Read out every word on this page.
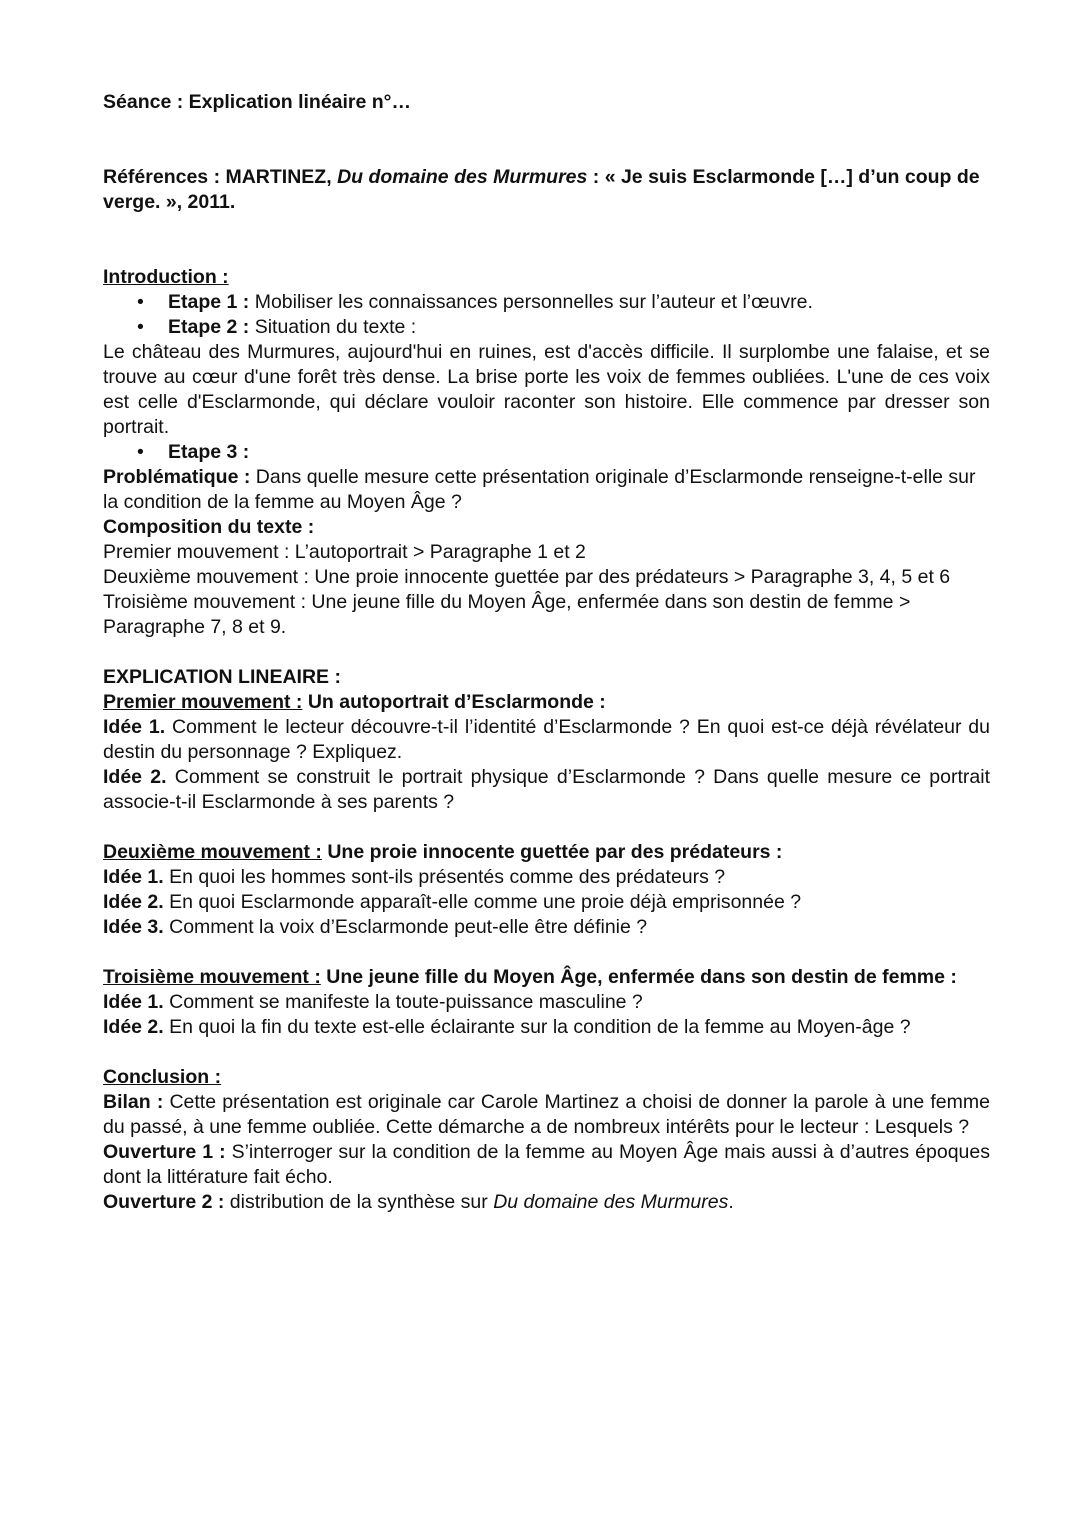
Séance : Explication linéaire n°…

Références : MARTINEZ, Du domaine des Murmures : « Je suis Esclarmonde […] d’un coup de verge. », 2011.

Introduction :

• Etape 1 : Mobiliser les connaissances personnelles sur l’auteur et l’œuvre.
• Etape 2 : Situation du texte :

Le château des Murmures, aujourd'hui en ruines, est d'accès difficile. Il surplombe une falaise, et se trouve au cœur d'une forêt très dense. La brise porte les voix de femmes oubliées. L'une de ces voix est celle d'Esclarmonde, qui déclare vouloir raconter son histoire. Elle commence par dresser son portrait.

• Etape 3 :

Problématique : Dans quelle mesure cette présentation originale d’Esclarmonde renseigne-t-elle sur la condition de la femme au Moyen Âge ?

Composition du texte :

Premier mouvement : L’autoportrait > Paragraphe 1 et 2

Deuxième mouvement : Une proie innocente guettée par des prédateurs > Paragraphe 3, 4, 5 et 6

Troisième mouvement : Une jeune fille du Moyen Âge, enfermée dans son destin de femme > Paragraphe 7, 8 et 9.

EXPLICATION LINEAIRE :

Premier mouvement : Un autoportrait d’Esclarmonde :

Idée 1. Comment le lecteur découvre-t-il l’identité d’Esclarmonde ? En quoi est-ce déjà révélateur du destin du personnage ? Expliquez.

Idée 2. Comment se construit le portrait physique d’Esclarmonde ? Dans quelle mesure ce portrait associe-t-il Esclarmonde à ses parents ?

Deuxième mouvement : Une proie innocente guettée par des prédateurs :

Idée 1. En quoi les hommes sont-ils présentés comme des prédateurs ?

Idée 2. En quoi Esclarmonde apparaît-elle comme une proie déjà emprisonnée ?

Idée 3. Comment la voix d’Esclarmonde peut-elle être définie ?

Troisième mouvement : Une jeune fille du Moyen Âge, enfermée dans son destin de femme :

Idée 1. Comment se manifeste la toute-puissance masculine ?

Idée 2. En quoi la fin du texte est-elle éclairante sur la condition de la femme au Moyen-âge ?

Conclusion :

Bilan : Cette présentation est originale car Carole Martinez a choisi de donner la parole à une femme du passé, à une femme oubliée. Cette démarche a de nombreux intérêts pour le lecteur : Lesquels ?

Ouverture 1 : S’interroger sur la condition de la femme au Moyen Âge mais aussi à d’autres époques dont la littérature fait écho.

Ouverture 2 : distribution de la synthèse sur Du domaine des Murmures.
